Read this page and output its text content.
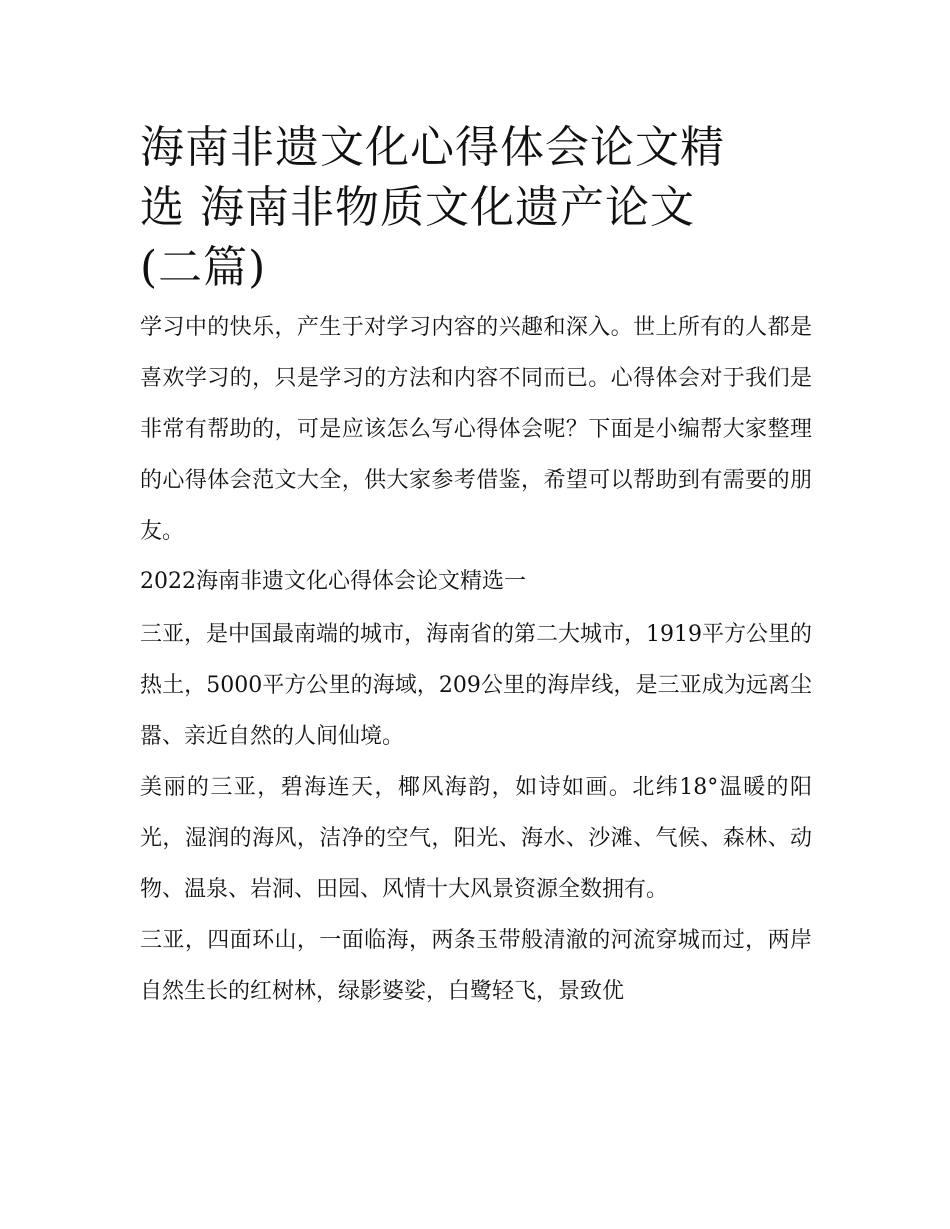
海南非遗文化心得体会论文精
选 海南非物质文化遗产论文
(二篇)

学习中的快乐，产生于对学习内容的兴趣和深入。世上所有的人都是喜欢学习的，只是学习的方法和内容不同而已。心得体会对于我们是非常有帮助的，可是应该怎么写心得体会呢？下面是小编帮大家整理的心得体会范文大全，供大家参考借鉴，希望可以帮助到有需要的朋友。

2022海南非遗文化心得体会论文精选一

三亚，是中国最南端的城市，海南省的第二大城市，1919平方公里的热土，5000平方公里的海域，209公里的海岸线，是三亚成为远离尘嚣、亲近自然的人间仙境。

美丽的三亚，碧海连天，椰风海韵，如诗如画。北纬18°温暖的阳光，湿润的海风，洁净的空气，阳光、海水、沙滩、气候、森林、动物、温泉、岩洞、田园、风情十大风景资源全数拥有。

三亚，四面环山，一面临海，两条玉带般清澈的河流穿城而过，两岸自然生长的红树林，绿影婆娑，白鹭轻飞，景致优
